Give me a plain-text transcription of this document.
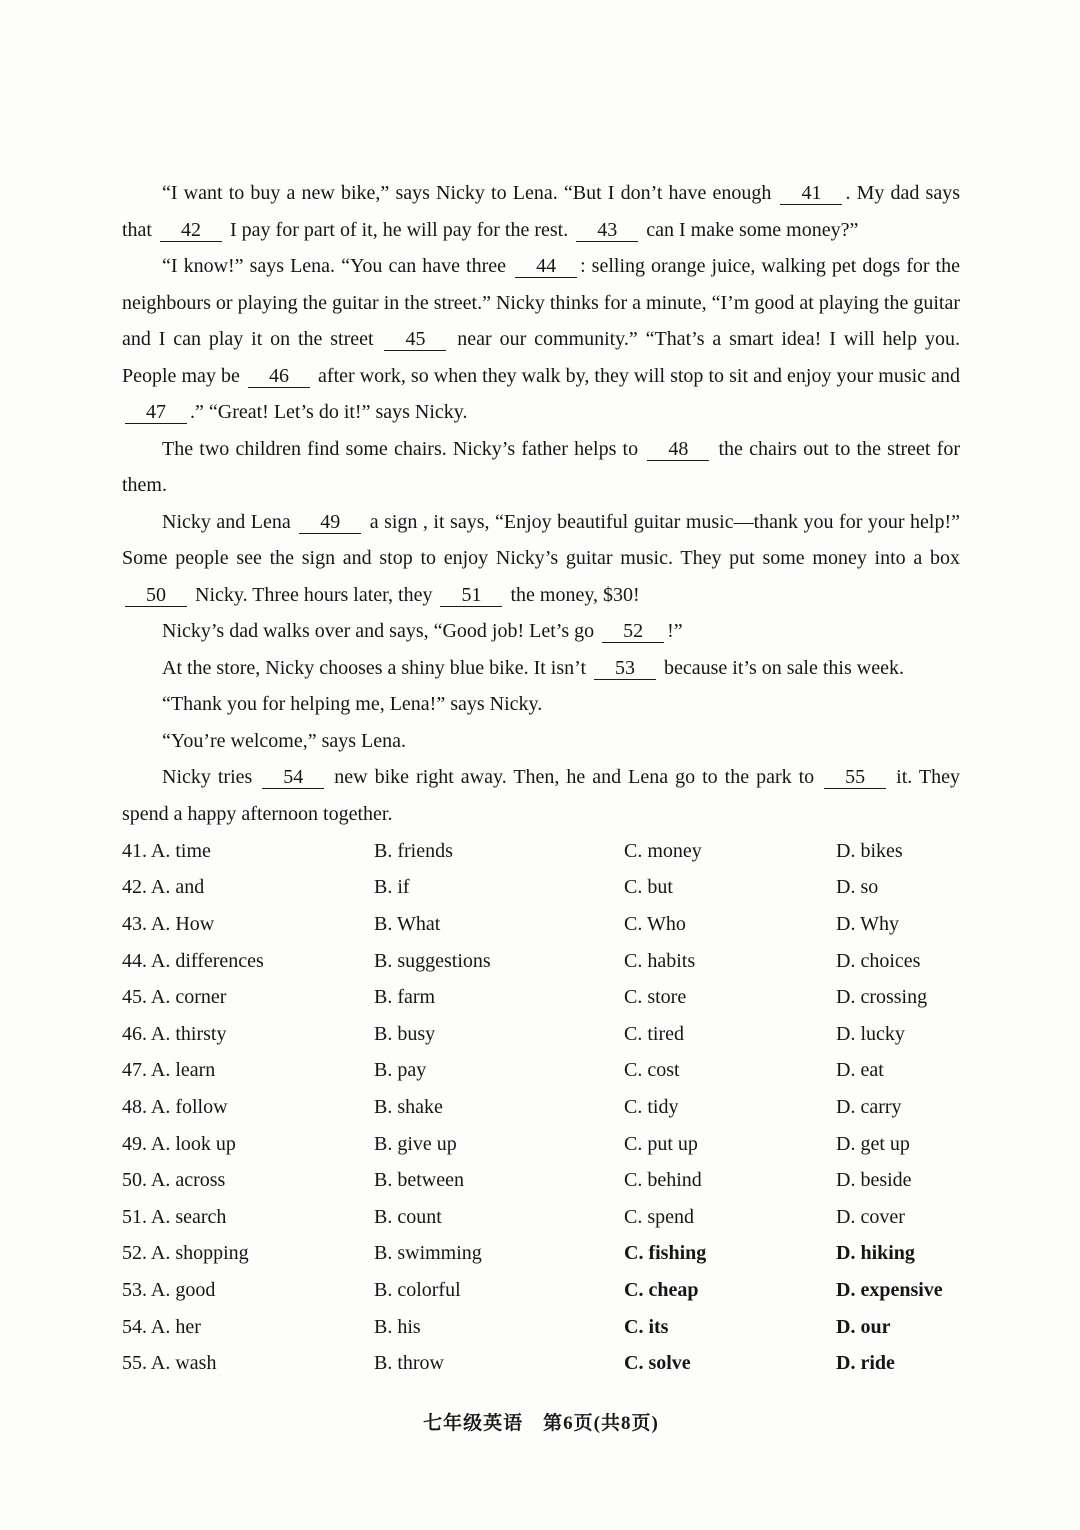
“I want to buy a new bike,” says Nicky to Lena. “But I don’t have enough 41 . My dad says that 42 I pay for part of it, he will pay for the rest. 43 can I make some money?”

“I know!” says Lena. “You can have three 44 : selling orange juice, walking pet dogs for the neighbours or playing the guitar in the street.” Nicky thinks for a minute, “I’m good at playing the guitar and I can play it on the street 45 near our community.” “That’s a smart idea! I will help you. People may be 46 after work, so when they walk by, they will stop to sit and enjoy your music and 47 .” “Great! Let’s do it!” says Nicky.

The two children find some chairs. Nicky’s father helps to 48 the chairs out to the street for them.

Nicky and Lena 49 a sign , it says, “Enjoy beautiful guitar music—thank you for your help!” Some people see the sign and stop to enjoy Nicky’s guitar music. They put some money into a box 50 Nicky. Three hours later, they 51 the money, $30!

Nicky’s dad walks over and says, “Good job! Let’s go 52 !”

At the store, Nicky chooses a shiny blue bike. It isn’t 53 because it’s on sale this week.

“Thank you for helping me, Lena!” says Nicky.

“You’re welcome,” says Lena.

Nicky tries 54 new bike right away. Then, he and Lena go to the park to 55 it. They spend a happy afternoon together.

41. A. time	B. friends	C. money	D. bikes
42. A. and	B. if	C. but	D. so
43. A. How	B. What	C. Who	D. Why
44. A. differences	B. suggestions	C. habits	D. choices
45. A. corner	B. farm	C. store	D. crossing
46. A. thirsty	B. busy	C. tired	D. lucky
47. A. learn	B. pay	C. cost	D. eat
48. A. follow	B. shake	C. tidy	D. carry
49. A. look up	B. give up	C. put up	D. get up
50. A. across	B. between	C. behind	D. beside
51. A. search	B. count	C. spend	D. cover
52. A. shopping	B. swimming	C. fishing	D. hiking
53. A. good	B. colorful	C. cheap	D. expensive
54. A. her	B. his	C. its	D. our
55. A. wash	B. throw	C. solve	D. ride
七年级英语　第6页(共8页)
